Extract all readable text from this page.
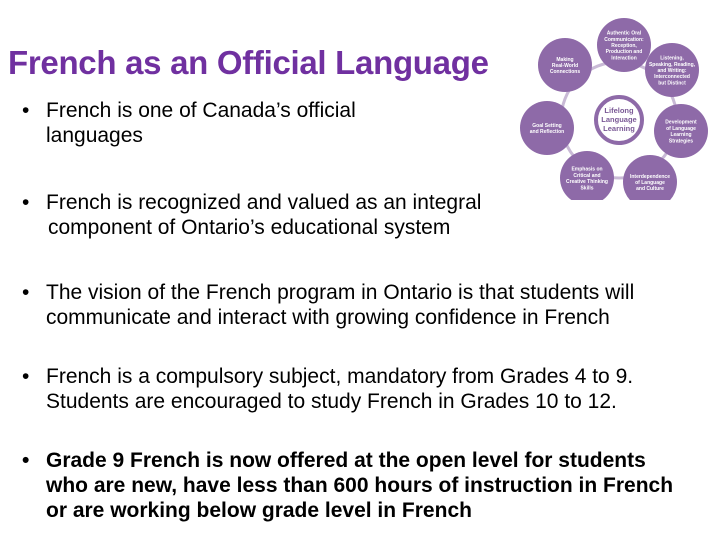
French as an Official Language
• French is one of Canada’s official
languages
• French is recognized and valued as an integral
component of Ontario’s educational system
• The vision of the French program in Ontario is that students will
communicate and interact with growing confidence in French
• French is a compulsory subject, mandatory from Grades 4 to 9.
Students are encouraged to study French in Grades 10 to 12.
• Grade 9 French is now offered at the open level for students
who are new, have less than 600 hours of instruction in French
or are working below grade level in French
Authentic Oral
Communication:
Reception,
Production and
Interaction	Listening,
Speaking, Reading,
and Writing:
Interconnected
but Distinct
Development
of Language
Learning
Strategies
Interdependence
of Language
and Culture
Emphasis on
Critical and
Creative Thinking
Skills
Goal Setting
and Reflection
Making
Real-World
Connections
Lifelong
Language
Learning
